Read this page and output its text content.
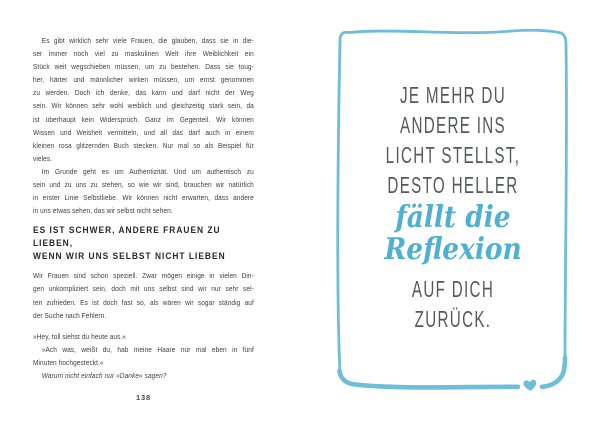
Es gibt wirklich sehr viele Frauen, die glauben, dass sie in die-
ser immer noch viel zu maskulinen Welt ihre Weiblichkeit ein
Stück weit wegschieben müssen, um zu bestehen. Dass sie toug-
her, härter und männlicher wirken müssen, um ernst genommen
zu werden. Doch ich denke, das kann und darf nicht der Weg
sein. Wir können sehr wohl weiblich und gleichzeitig stark sein, da
ist überhaupt kein Widerspruch. Ganz im Gegenteil. Wir können
Wissen und Weisheit vermitteln, und all das darf auch in einem
kleinen rosa glitzernden Buch stecken. Nur mal so als Beispiel für
vieles.
Im Grunde geht es um Authentizität. Und um authentisch zu
sein und zu uns zu stehen, so wie wir sind, brauchen wir natürlich
in erster Linie Selbstliebe. Wir können nicht erwarten, dass andere
in uns etwas sehen, das wir selbst nicht sehen.
ES IST SCHWER, ANDERE FRAUEN ZU LIEBEN,
WENN WIR UNS SELBST NICHT LIEBEN
Wir Frauen sind schon speziell. Zwar mögen einige in vielen Din-
gen unkompliziert sein, doch mit uns selbst sind wir nur sehr sel-
ten zufrieden. Es ist doch fast so, als wären wir sogar ständig auf
der Suche nach Fehlern.
»Hey, toll siehst du heute aus.«
»Ach was, weißt du, hab meine Haare nur mal eben in fünf
Minuten hochgesteckt.«
Warum nicht einfach nur »Danke« sagen?
138
JE MEHR DU
ANDERE INS
LICHT STELLST,
DESTO HELLER
fällt die
Reflexion
AUF DICH
ZURÜCK.
